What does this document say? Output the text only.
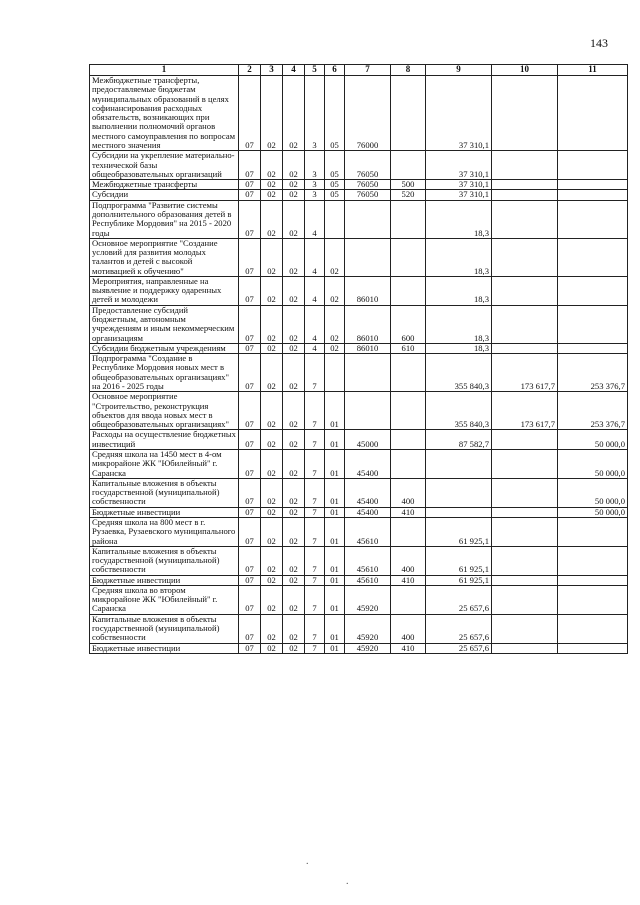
143
1	2	3	4	5	6	7	8	9	10	11
Межбюджетные трансферты, предоставляемые бюджетам муниципальных образований в целях софинансирования расходных обязательств, возникающих при выполнении полномочий органов местного самоуправления по вопросам местного значения	07	02	02	3	05	76000		37 310,1		
Субсидии на укрепление материально-технической базы общеобразовательных организаций	07	02	02	3	05	76050		37 310,1		
Межбюджетные трансферты	07	02	02	3	05	76050	500	37 310,1		
Субсидии	07	02	02	3	05	76050	520	37 310,1		
Подпрограмма "Развитие системы дополнительного образования детей в Республике Мордовия" на 2015 - 2020 годы	07	02	02	4				18,3		
Основное мероприятие "Создание условий для развития молодых талантов и детей с высокой мотивацией к обучению"	07	02	02	4	02			18,3		
Мероприятия, направленные на выявление и поддержку одаренных детей и молодежи	07	02	02	4	02	86010		18,3		
Предоставление субсидий бюджетным, автономным учреждениям и иным некоммерческим организациям	07	02	02	4	02	86010	600	18,3		
Субсидии бюджетным учреждениям	07	02	02	4	02	86010	610	18,3		
Подпрограмма "Создание в Республике Мордовия новых мест в общеобразовательных организациях" на 2016 - 2025 годы	07	02	02	7				355 840,3	173 617,7	253 376,7
Основное мероприятие "Строительство, реконструкция объектов для ввода новых мест в общеобразовательных организациях"	07	02	02	7	01			355 840,3	173 617,7	253 376,7
Расходы на осуществление бюджетных инвестиций	07	02	02	7	01	45000		87 582,7		50 000,0
Средняя школа на 1450 мест в 4-ом микрорайоне ЖК "Юбилейный" г. Саранска	07	02	02	7	01	45400				50 000,0
Капитальные вложения в объекты государственной (муниципальной) собственности	07	02	02	7	01	45400	400			50 000,0
Бюджетные инвестиции	07	02	02	7	01	45400	410			50 000,0
Средняя школа на 800 мест в г. Рузаевка, Рузаевского муниципального района	07	02	02	7	01	45610		61 925,1		
Капитальные вложения в объекты государственной (муниципальной) собственности	07	02	02	7	01	45610	400	61 925,1		
Бюджетные инвестиции	07	02	02	7	01	45610	410	61 925,1		
Средняя школа во втором микрорайоне ЖК "Юбилейный" г. Саранска	07	02	02	7	01	45920		25 657,6		
Капитальные вложения в объекты государственной (муниципальной) собственности	07	02	02	7	01	45920	400	25 657,6		
Бюджетные инвестиции	07	02	02	7	01	45920	410	25 657,6		
.
.
